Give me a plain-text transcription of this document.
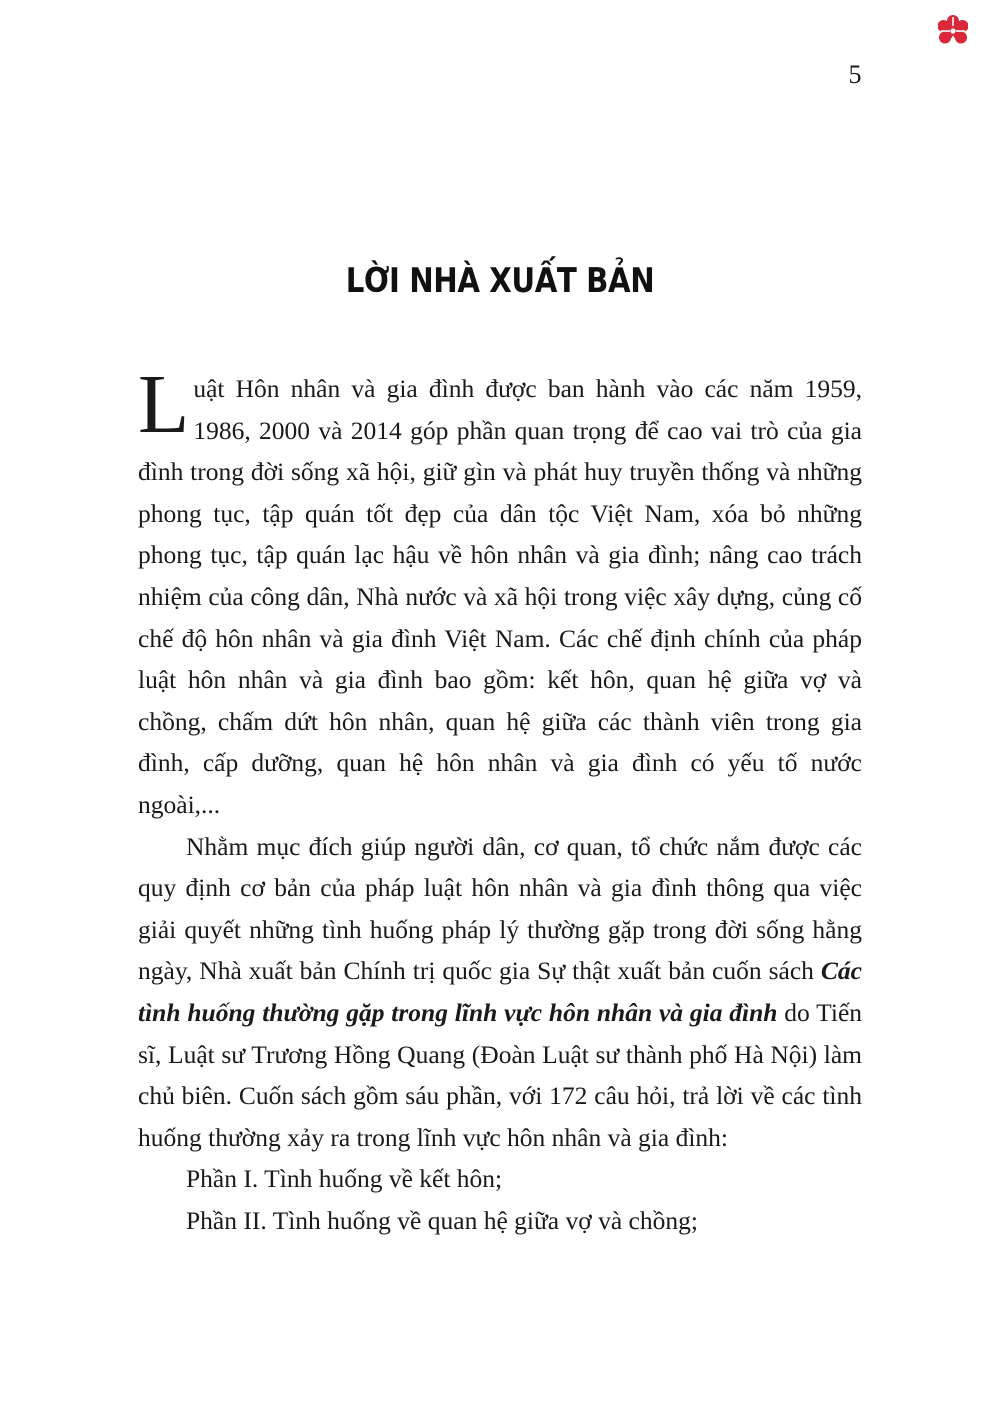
5
LỜI NHÀ XUẤT BẢN

Luật Hôn nhân và gia đình được ban hành vào các năm 1959, 1986, 2000 và 2014 góp phần quan trọng để cao vai trò của gia đình trong đời sống xã hội, giữ gìn và phát huy truyền thống và những phong tục, tập quán tốt đẹp của dân tộc Việt Nam, xóa bỏ những phong tục, tập quán lạc hậu về hôn nhân và gia đình; nâng cao trách nhiệm của công dân, Nhà nước và xã hội trong việc xây dựng, củng cố chế độ hôn nhân và gia đình Việt Nam. Các chế định chính của pháp luật hôn nhân và gia đình bao gồm: kết hôn, quan hệ giữa vợ và chồng, chấm dứt hôn nhân, quan hệ giữa các thành viên trong gia đình, cấp dưỡng, quan hệ hôn nhân và gia đình có yếu tố nước ngoài,...

Nhằm mục đích giúp người dân, cơ quan, tổ chức nắm được các quy định cơ bản của pháp luật hôn nhân và gia đình thông qua việc giải quyết những tình huống pháp lý thường gặp trong đời sống hằng ngày, Nhà xuất bản Chính trị quốc gia Sự thật xuất bản cuốn sách Các tình huống thường gặp trong lĩnh vực hôn nhân và gia đình do Tiến sĩ, Luật sư Trương Hồng Quang (Đoàn Luật sư thành phố Hà Nội) làm chủ biên. Cuốn sách gồm sáu phần, với 172 câu hỏi, trả lời về các tình huống thường xảy ra trong lĩnh vực hôn nhân và gia đình:

Phần I. Tình huống về kết hôn;

Phần II. Tình huống về quan hệ giữa vợ và chồng;
